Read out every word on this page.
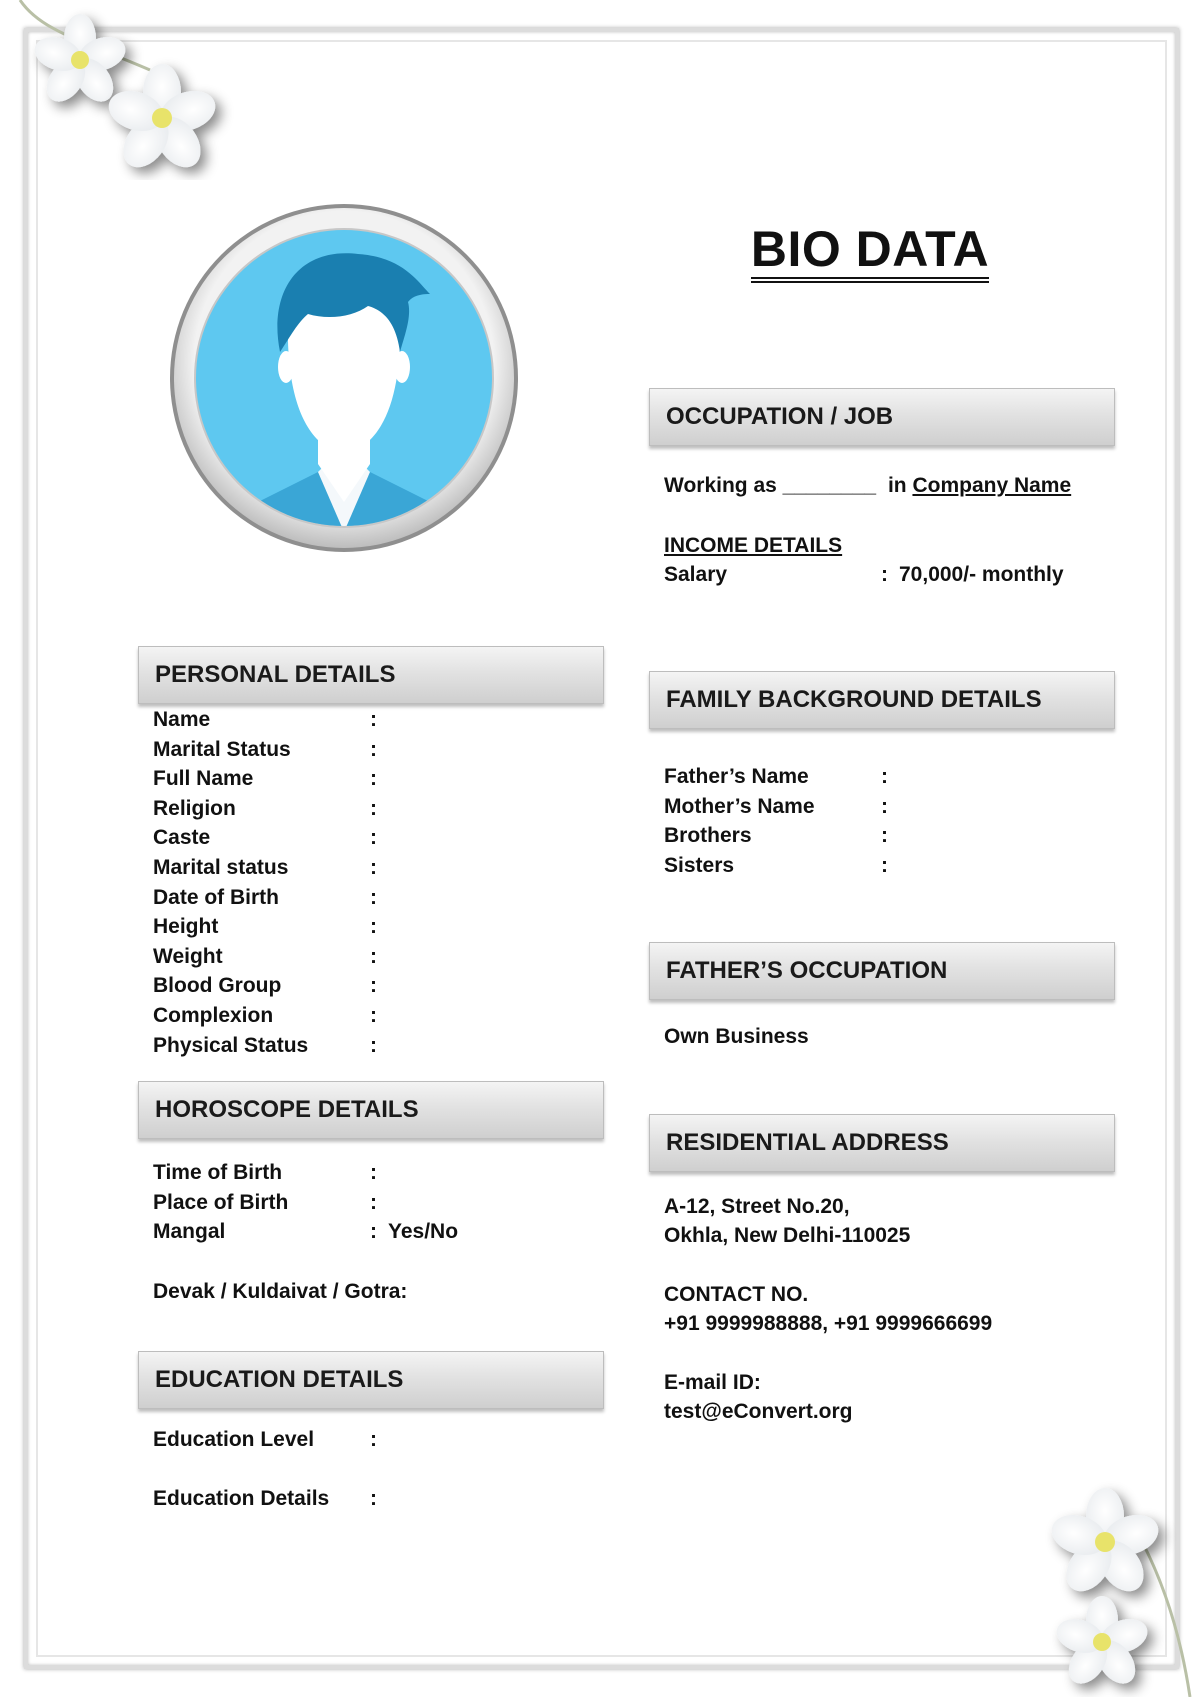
BIO DATA
OCCUPATION / JOB
Working as ________ in Company Name
INCOME DETAILS
Salary	: 70,000/- monthly
FAMILY BACKGROUND DETAILS
Father’s Name	:
Mother’s Name	:
Brothers	:
Sisters	:
FATHER’S OCCUPATION
Own Business
RESIDENTIAL ADDRESS
A-12, Street No.20,
Okhla, New Delhi-110025
CONTACT NO.
+91 9999988888, +91 9999666699
E-mail ID:
test@eConvert.org
PERSONAL DETAILS
Name	:
Marital Status	:
Full Name	:
Religion	:
Caste	:
Marital status	:
Date of Birth	:
Height	:
Weight	:
Blood Group	:
Complexion	:
Physical Status	:
HOROSCOPE DETAILS
Time of Birth	:
Place of Birth	:
Mangal	: Yes/No
Devak / Kuldaivat / Gotra:
EDUCATION DETAILS
Education Level	:
Education Details :
